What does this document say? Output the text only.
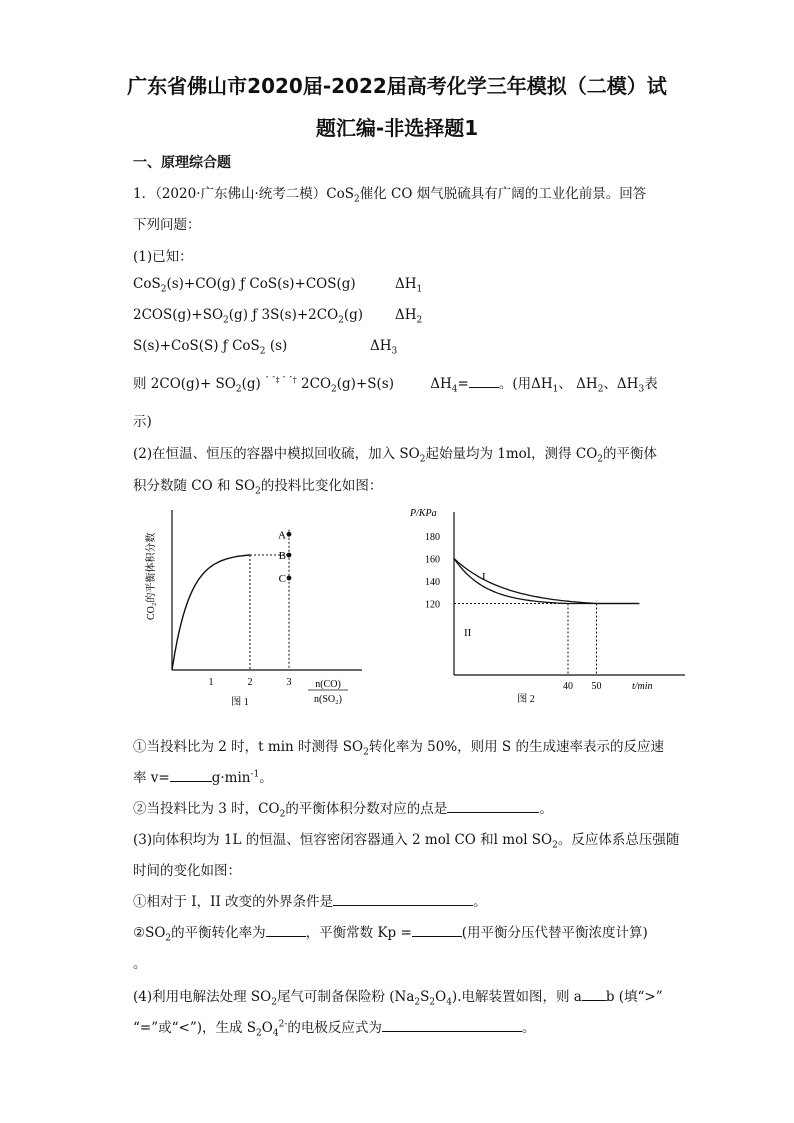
广东省佛山市2020届-2022届高考化学三年模拟（二模）试
题汇编-非选择题1
一、原理综合题
1．（2020·广东佛山·统考二模）CoS$_2$催化 CO 烟气脱硫具有广阔的工业化前景。回答
下列问题：
(1)已知：
CoS$_2$(s)+CO(g) ƒ CoS(s)+COS(g)	$\Delta H_1$
$2COS(g)+SO_2(g)$ ƒ $3S(s)+2CO_2(g)$ $\Delta H_2$
S(s)+CoS(S) ƒ CoS$_2$ (s)	$\Delta H_3$
则 $2CO(g)+ SO_2(g)$ $^{ˆ ˆ\ddagger ˆ ˆ\dagger}$ $2CO_2(g)+S(s)$	$\Delta H_4=$ 。(用$\Delta H_1$、 $\Delta H_2$、$\Delta H_3$表
示)
(2)在恒温、恒压的容器中模拟回收硫，加入 $SO_2$起始量均为 1mol，测得 $CO_2$的平衡体
积分数随 CO 和 $SO_2$的投料比变化如图：
CO₂的平衡体积分数	A
B
C
1	2	3 n(CO)
n(SO₂)
图 1
P/KPa
t/min
180
160
140
120
40 50
I
II
图 2
①当投料比为 2 时，t min 时测得 $SO_2$转化率为 50%，则用 S 的生成速率表示的反应速
率 v=	$g\cdot\min^{-1}$。
②当投料比为 3 时，$CO_2$的平衡体积分数对应的点是	。
(3)向体积均为 1L 的恒温、恒容密闭容器通入 2 mol CO 和l mol $SO_2$。反应体系总压强随
时间的变化如图：
①相对于 I，II 改变的外界条件是	。
$②SO_2$的平衡转化率为	，平衡常数 Kp =	(用平衡分压代替平衡浓度计算)
。
(4)利用电解法处理 $SO_2$尾气可制备保险粉 $(Na_2S_2O_4)$.电解装置如图，则 a b (填“>”
“=”或“<”)，生成 $S_2O_4^{2-}$的电极反应式为	。
